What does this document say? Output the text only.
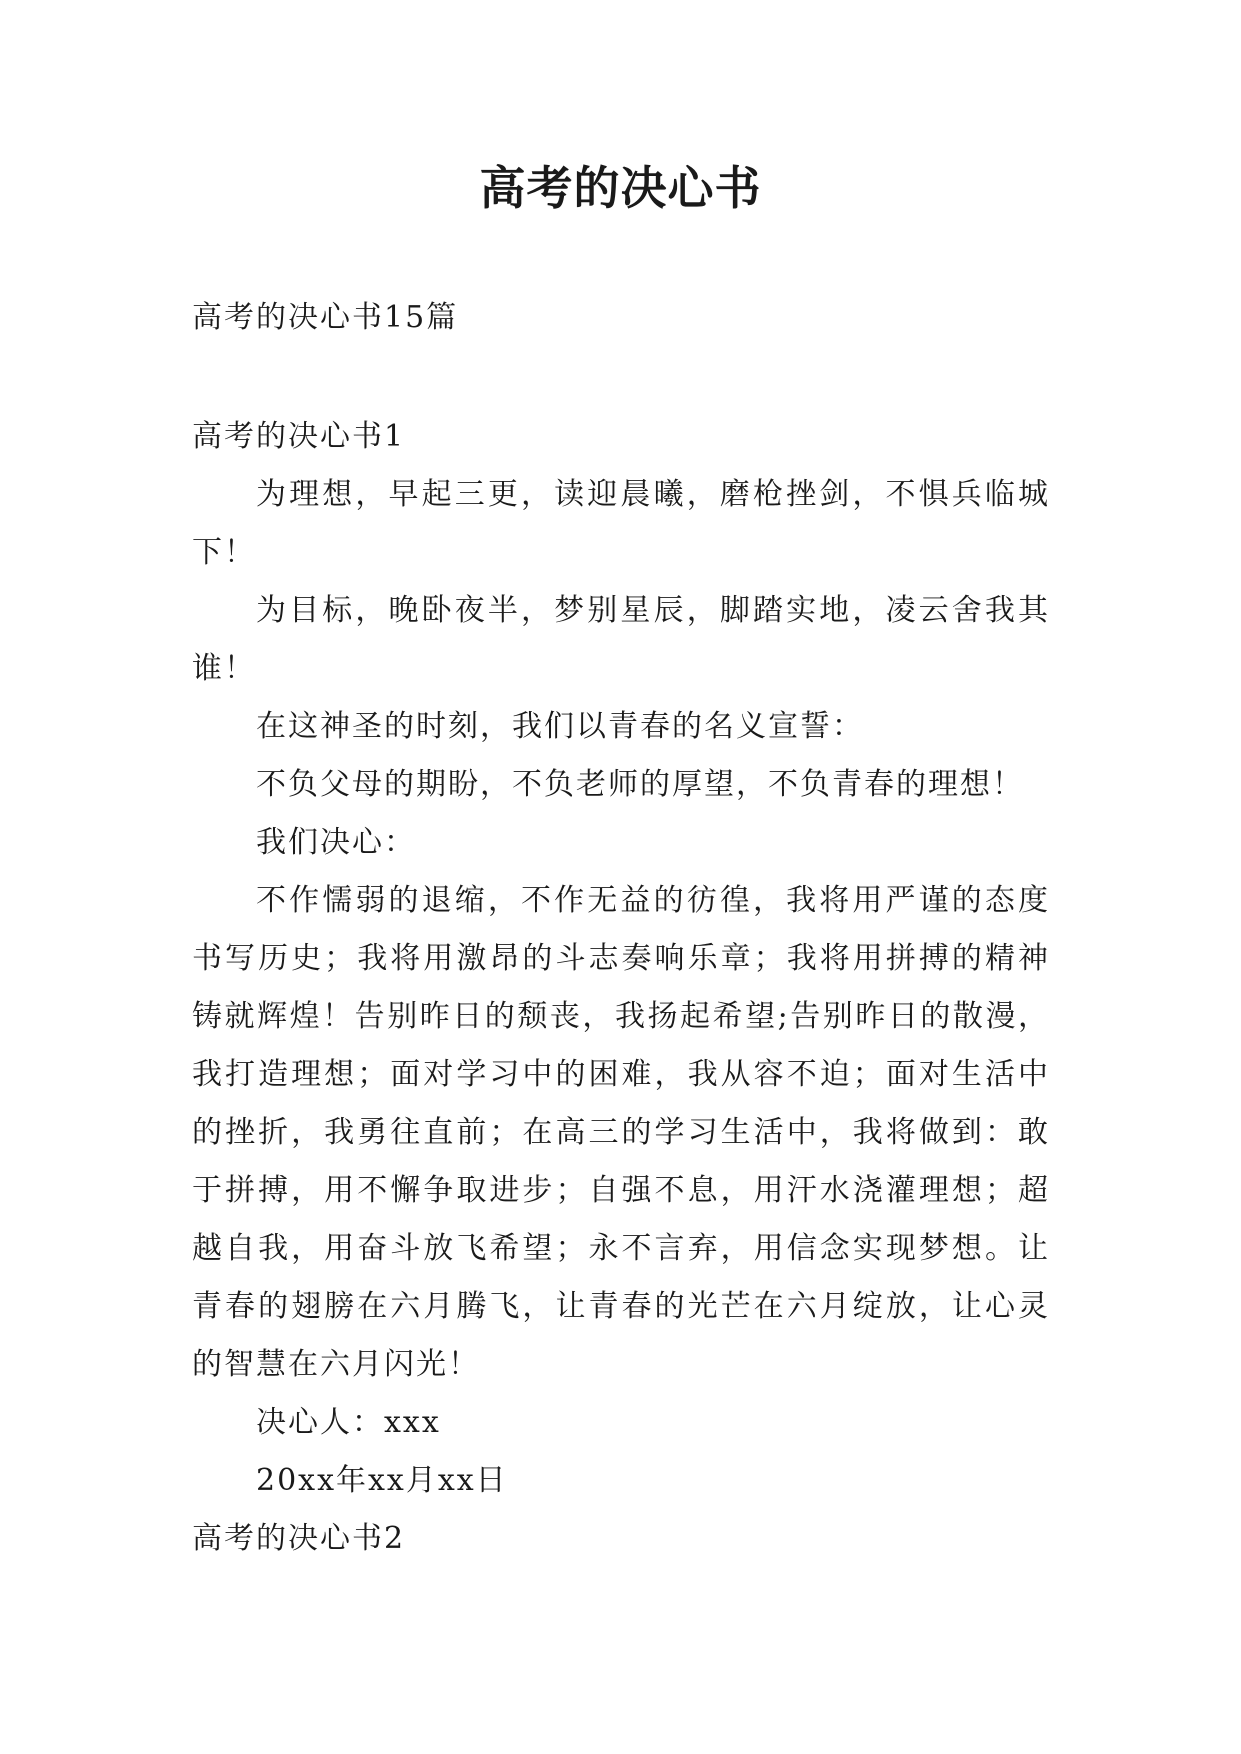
高考的决心书
高考的决心书15篇

高考的决心书1

为理想，早起三更，读迎晨曦，磨枪挫剑，不惧兵临城下！

为目标，晚卧夜半，梦别星辰，脚踏实地，凌云舍我其谁！

在这神圣的时刻，我们以青春的名义宣誓：

不负父母的期盼，不负老师的厚望，不负青春的理想！

我们决心：

不作懦弱的退缩，不作无益的彷徨，我将用严谨的态度书写历史；我将用激昂的斗志奏响乐章；我将用拼搏的精神铸就辉煌！告别昨日的颓丧，我扬起希望;告别昨日的散漫，我打造理想；面对学习中的困难，我从容不迫；面对生活中的挫折，我勇往直前；在高三的学习生活中，我将做到：敢于拼搏，用不懈争取进步；自强不息，用汗水浇灌理想；超越自我，用奋斗放飞希望；永不言弃，用信念实现梦想。让青春的翅膀在六月腾飞，让青春的光芒在六月绽放，让心灵的智慧在六月闪光！

决心人：xxx

20xx年xx月xx日

高考的决心书2
